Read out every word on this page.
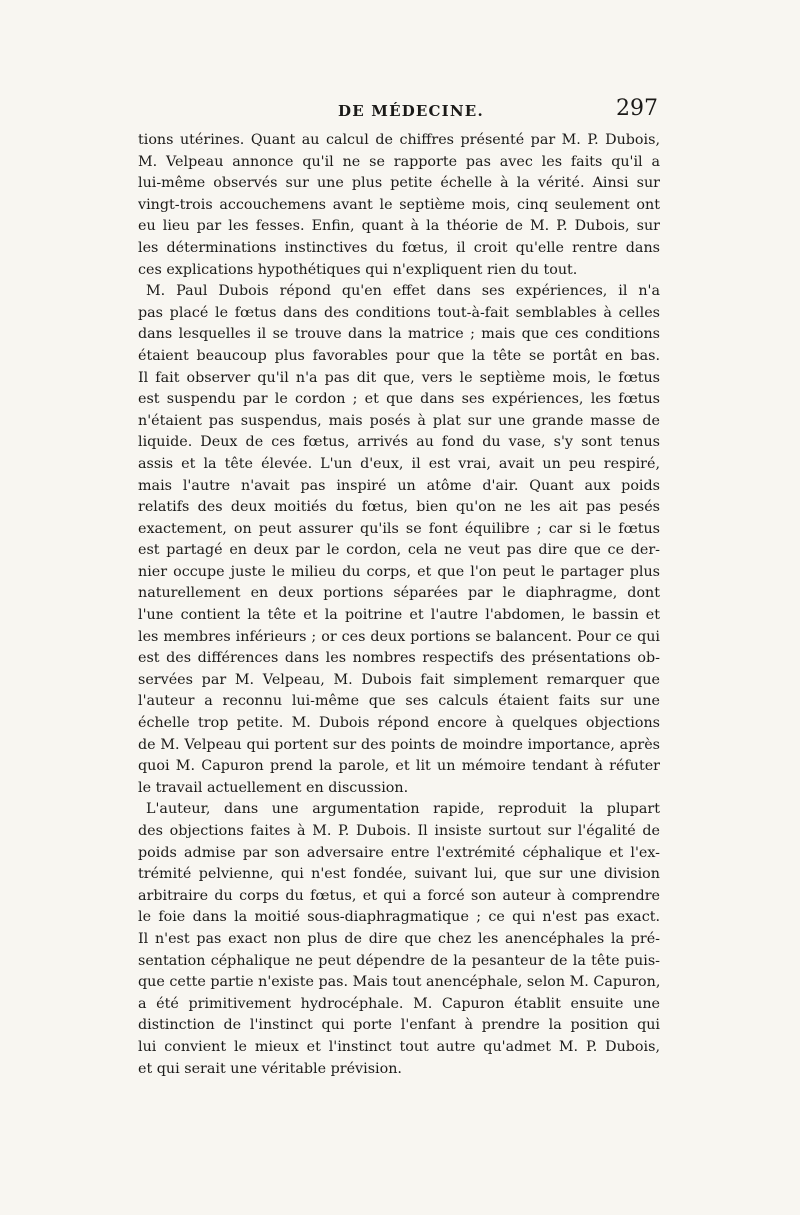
DE MÉDECINE.	297
tions utérines. Quant au calcul de chiffres présenté par M. P. Dubois,
M. Velpeau annonce qu'il ne se rapporte pas avec les faits qu'il a
lui-même observés sur une plus petite échelle à la vérité. Ainsi sur
vingt-trois accouchemens avant le septième mois, cinq seulement ont
eu lieu par les fesses. Enfin, quant à la théorie de M. P. Dubois, sur
les déterminations instinctives du fœtus, il croit qu'elle rentre dans
ces explications hypothétiques qui n'expliquent rien du tout.
M. Paul Dubois répond qu'en effet dans ses expériences, il n'a
pas placé le fœtus dans des conditions tout-à-fait semblables à celles
dans lesquelles il se trouve dans la matrice ; mais que ces conditions
étaient beaucoup plus favorables pour que la tête se portât en bas.
Il fait observer qu'il n'a pas dit que, vers le septième mois, le fœtus
est suspendu par le cordon ; et que dans ses expériences, les fœtus
n'étaient pas suspendus, mais posés à plat sur une grande masse de
liquide. Deux de ces fœtus, arrivés au fond du vase, s'y sont tenus
assis et la tête élevée. L'un d'eux, il est vrai, avait un peu respiré,
mais l'autre n'avait pas inspiré un atôme d'air. Quant aux poids
relatifs des deux moitiés du fœtus, bien qu'on ne les ait pas pesés
exactement, on peut assurer qu'ils se font équilibre ; car si le fœtus
est partagé en deux par le cordon, cela ne veut pas dire que ce der-
nier occupe juste le milieu du corps, et que l'on peut le partager plus
naturellement en deux portions séparées par le diaphragme, dont
l'une contient la tête et la poitrine et l'autre l'abdomen, le bassin et
les membres inférieurs ; or ces deux portions se balancent. Pour ce qui
est des différences dans les nombres respectifs des présentations ob-
servées par M. Velpeau, M. Dubois fait simplement remarquer que
l'auteur a reconnu lui-même que ses calculs étaient faits sur une
échelle trop petite. M. Dubois répond encore à quelques objections
de M. Velpeau qui portent sur des points de moindre importance, après
quoi M. Capuron prend la parole, et lit un mémoire tendant à réfuter
le travail actuellement en discussion.
L'auteur, dans une argumentation rapide, reproduit la plupart
des objections faites à M. P. Dubois. Il insiste surtout sur l'égalité de
poids admise par son adversaire entre l'extrémité céphalique et l'ex-
trémité pelvienne, qui n'est fondée, suivant lui, que sur une division
arbitraire du corps du fœtus, et qui a forcé son auteur à comprendre
le foie dans la moitié sous-diaphragmatique ; ce qui n'est pas exact.
Il n'est pas exact non plus de dire que chez les anencéphales la pré-
sentation céphalique ne peut dépendre de la pesanteur de la tête puis-
que cette partie n'existe pas. Mais tout anencéphale, selon M. Capuron,
a été primitivement hydrocéphale. M. Capuron établit ensuite une
distinction de l'instinct qui porte l'enfant à prendre la position qui
lui convient le mieux et l'instinct tout autre qu'admet M. P. Dubois,
et qui serait une véritable prévision.
